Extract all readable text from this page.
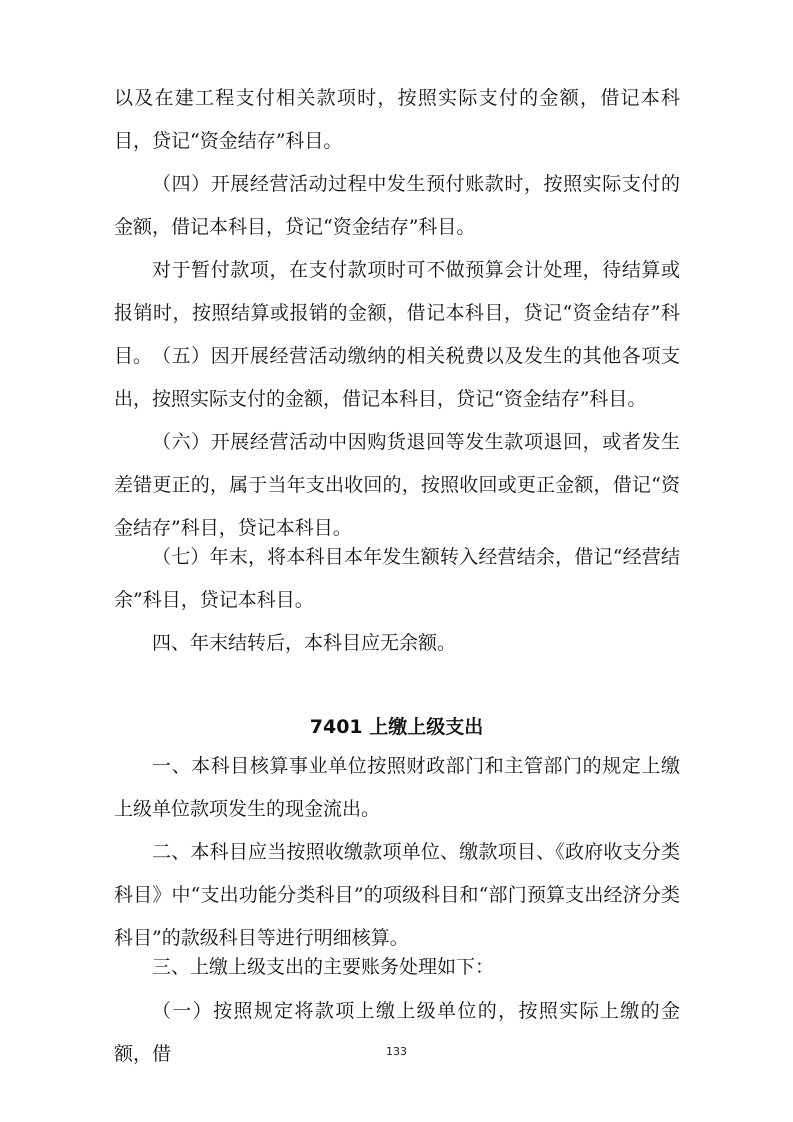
以及在建工程支付相关款项时，按照实际支付的金额，借记本科目，贷记“资金结存”科目。

（四）开展经营活动过程中发生预付账款时，按照实际支付的金额，借记本科目，贷记“资金结存”科目。

对于暂付款项，在支付款项时可不做预算会计处理，待结算或报销时，按照结算或报销的金额，借记本科目，贷记“资金结存”科目。 （五）因开展经营活动缴纳的相关税费以及发生的其他各项支出，按照实际支付的金额，借记本科目，贷记“资金结存”科目。

（六）开展经营活动中因购货退回等发生款项退回，或者发生差错更正的，属于当年支出收回的，按照收回或更正金额，借记“资金结存”科目，贷记本科目。

（七）年末，将本科目本年发生额转入经营结余，借记“经营结余”科目，贷记本科目。

四、年末结转后，本科目应无余额。

7401 上缴上级支出

一、本科目核算事业单位按照财政部门和主管部门的规定上缴上级单位款项发生的现金流出。

二、本科目应当按照收缴款项单位、缴款项目、《政府收支分类科目》中“支出功能分类科目”的项级科目和“部门预算支出经济分类科目”的款级科目等进行明细核算。

三、上缴上级支出的主要账务处理如下：

（一）按照规定将款项上缴上级单位的，按照实际上缴的金额，借	133
